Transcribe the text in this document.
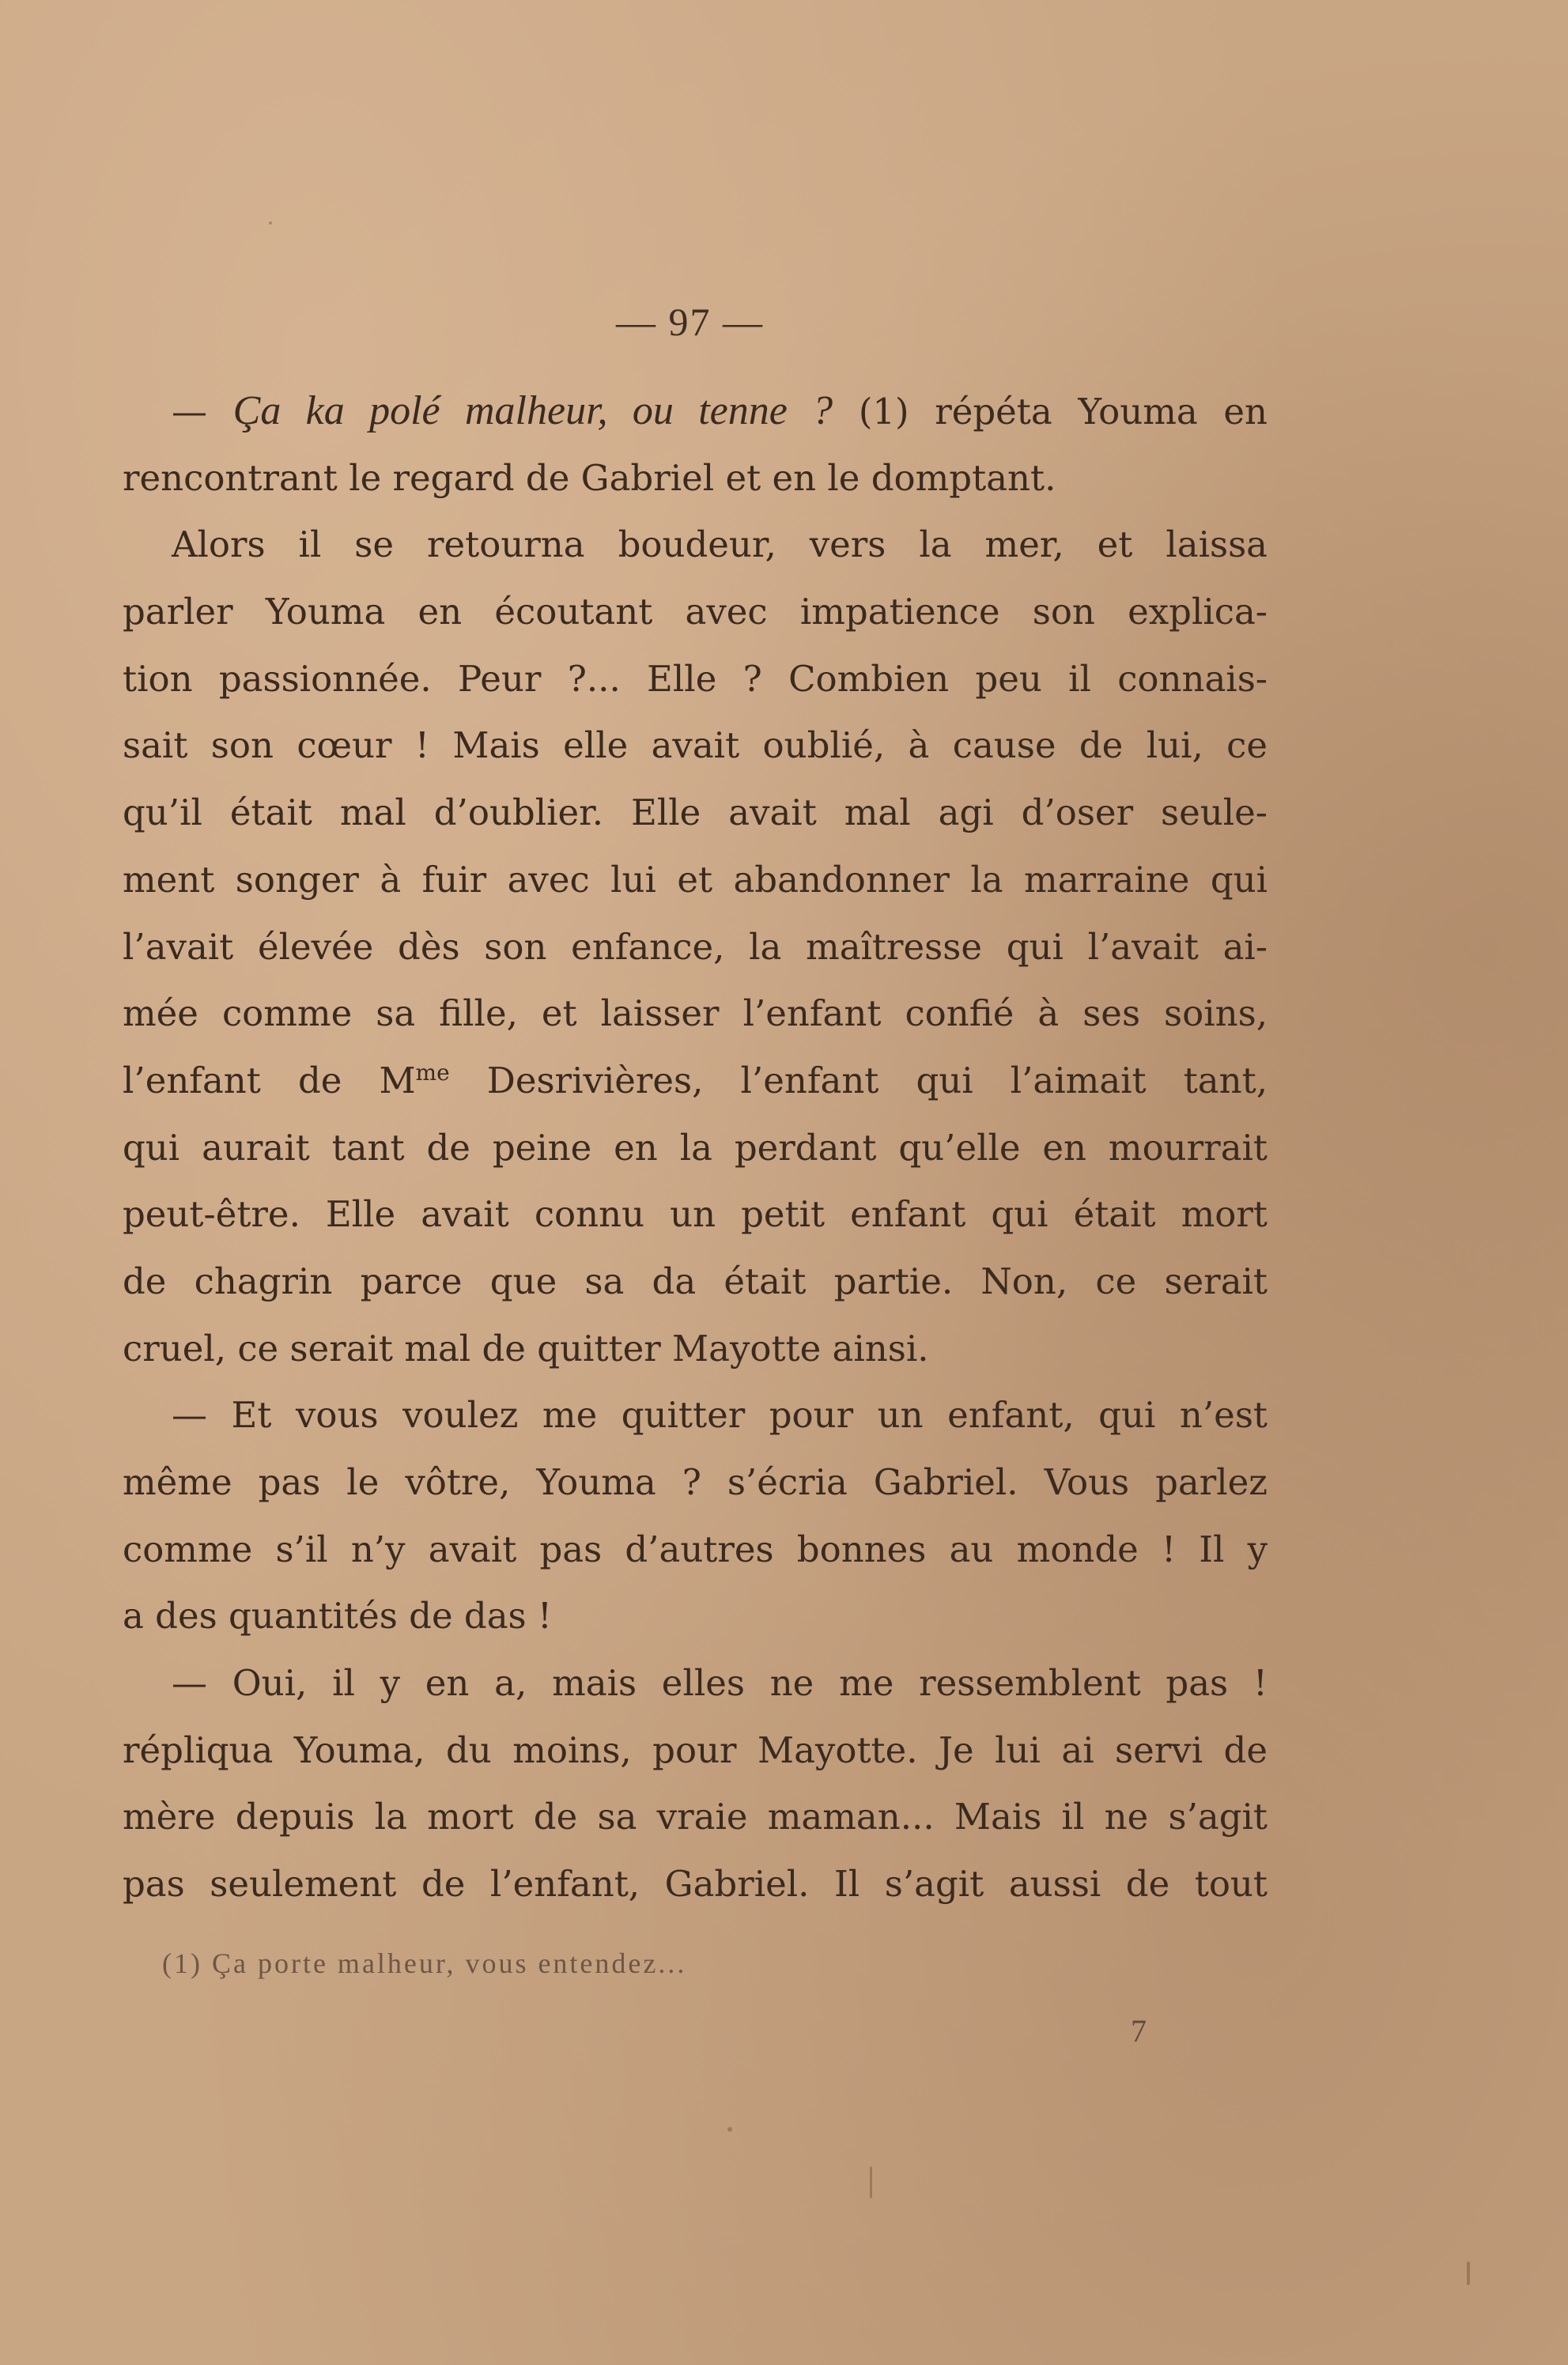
— 97 —
— Ça ka polé malheur, ou tenne ? (1) répéta Youma en
rencontrant le regard de Gabriel et en le domptant.
Alors il se retourna boudeur, vers la mer, et laissa
parler Youma en écoutant avec impatience son explica-
tion passionnée. Peur ?... Elle ? Combien peu il connais-
sait son cœur ! Mais elle avait oublié, à cause de lui, ce
qu’il était mal d’oublier. Elle avait mal agi d’oser seule-
ment songer à fuir avec lui et abandonner la marraine qui
l’avait élevée dès son enfance, la maîtresse qui l’avait ai-
mée comme sa fille, et laisser l’enfant confié à ses soins,
l’enfant de $M^{me}$ Desrivières, l’enfant qui l’aimait tant,
qui aurait tant de peine en la perdant qu’elle en mourrait
peut-être. Elle avait connu un petit enfant qui était mort
de chagrin parce que sa da était partie. Non, ce serait
cruel, ce serait mal de quitter Mayotte ainsi.
— Et vous voulez me quitter pour un enfant, qui n’est
même pas le vôtre, Youma ? s’écria Gabriel. Vous parlez
comme s’il n’y avait pas d’autres bonnes au monde ! Il y
a des quantités de das !
— Oui, il y en a, mais elles ne me ressemblent pas !
répliqua Youma, du moins, pour Mayotte. Je lui ai servi de
mère depuis la mort de sa vraie maman... Mais il ne s’agit
pas seulement de l’enfant, Gabriel. Il s’agit aussi de tout
(1) Ça porte malheur, vous entendez...
7
